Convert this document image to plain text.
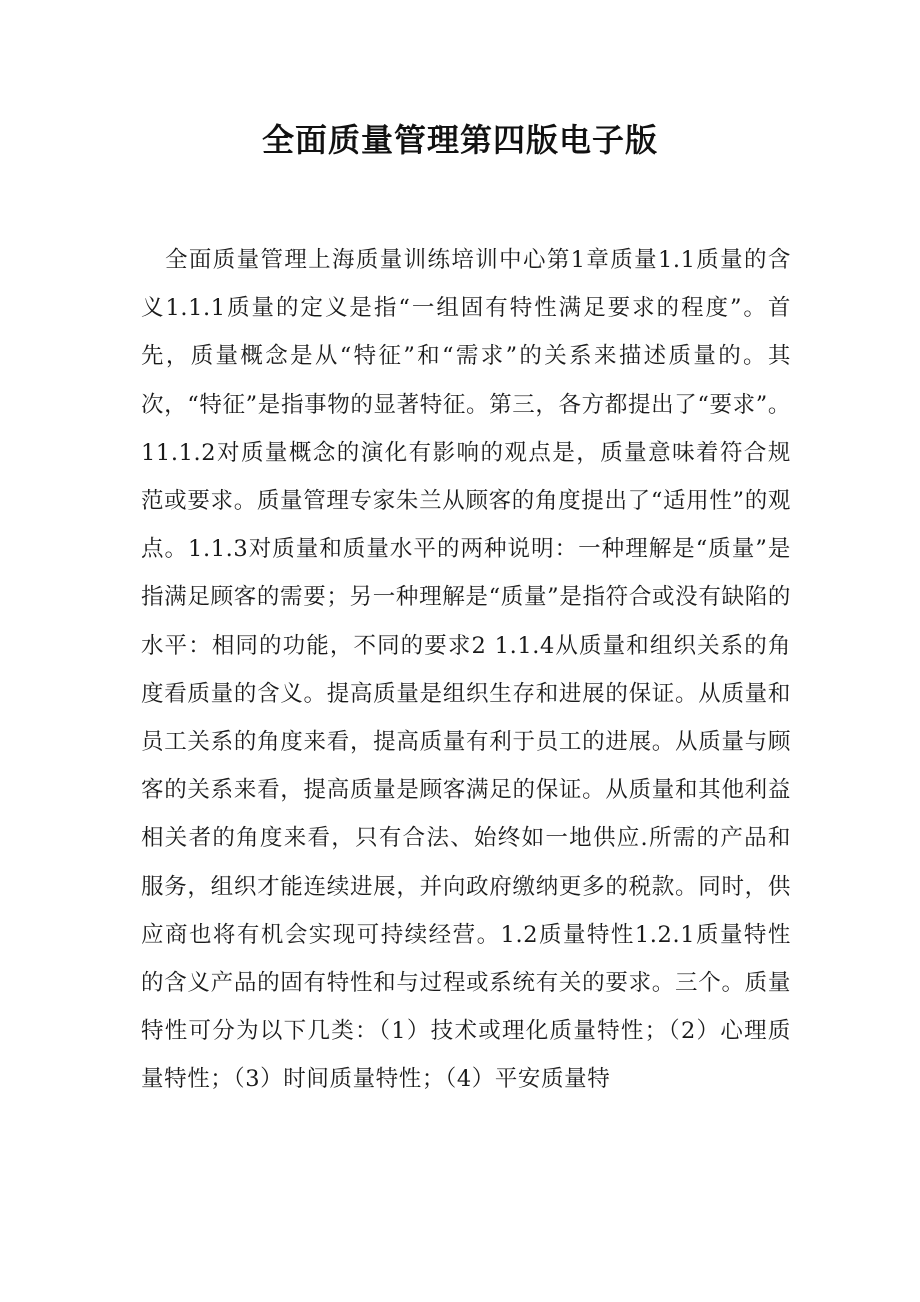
全面质量管理第四版电子版

全面质量管理上海质量训练培训中心第1章质量1.1质量的含义1.1.1质量的定义是指“一组固有特性满足要求的程度”。首先，质量概念是从“特征”和“需求”的关系来描述质量的。其次，“特征”是指事物的显著特征。第三，各方都提出了“要求”。11.1.2对质量概念的演化有影响的观点是，质量意味着符合规范或要求。质量管理专家朱兰从顾客的角度提出了“适用性”的观点。1.1.3对质量和质量水平的两种说明：一种理解是“质量”是指满足顾客的需要；另一种理解是“质量”是指符合或没有缺陷的水平：相同的功能，不同的要求2 1.1.4从质量和组织关系的角度看质量的含义。提高质量是组织生存和进展的保证。从质量和员工关系的角度来看，提高质量有利于员工的进展。从质量与顾客的关系来看，提高质量是顾客满足的保证。从质量和其他利益相关者的角度来看，只有合法、始终如一地供应.所需的产品和服务，组织才能连续进展，并向政府缴纳更多的税款。同时，供应商也将有机会实现可持续经营。1.2质量特性1.2.1质量特性的含义产品的固有特性和与过程或系统有关的要求。三个。质量特性可分为以下几类：（1）技术或理化质量特性；（2）心理质量特性；（3）时间质量特性；（4）平安质量特
